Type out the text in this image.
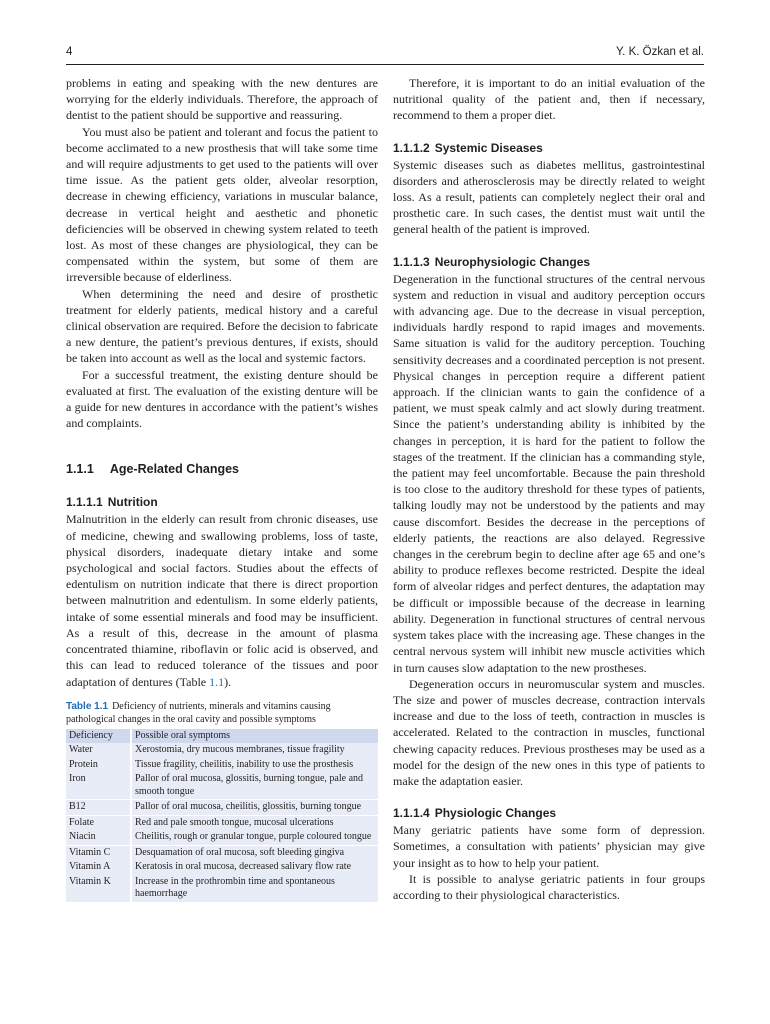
4	Y. K. Özkan et al.

problems in eating and speaking with the new dentures are worrying for the elderly individuals. Therefore, the approach of dentist to the patient should be supportive and reassuring.

You must also be patient and tolerant and focus the patient to become acclimated to a new prosthesis that will take some time and will require adjustments to get used to the patients will over time issue. As the patient gets older, alveolar resorption, decrease in chewing efficiency, variations in muscular balance, decrease in vertical height and aesthetic and phonetic deficiencies will be observed in chewing system related to teeth lost. As most of these changes are physiological, they can be compensated within the system, but some of them are irreversible because of elderliness.

When determining the need and desire of prosthetic treatment for elderly patients, medical history and a careful clinical observation are required. Before the decision to fabricate a new denture, the patient’s previous dentures, if exists, should be taken into account as well as the local and systemic factors.

For a successful treatment, the existing denture should be evaluated at first. The evaluation of the existing denture will be a guide for new dentures in accordance with the patient’s wishes and complaints.

1.1.1 Age-Related Changes
1.1.1.1 Nutrition

Malnutrition in the elderly can result from chronic diseases, use of medicine, chewing and swallowing problems, loss of taste, physical disorders, inadequate dietary intake and some psychological and social factors. Studies about the effects of edentulism on nutrition indicate that there is direct proportion between malnutrition and edentulism. In some elderly patients, intake of some essential minerals and food may be insufficient. As a result of this, decrease in the amount of plasma concentrated thiamine, riboflavin or folic acid is observed, and this can lead to reduced tolerance of the tissues and poor adaptation of dentures (Table 1.1).

Table 1.1 Deficiency of nutrients, minerals and vitamins causing pathological changes in the oral cavity and possible symptoms
Deficiency	Possible oral symptoms
Water	Xerostomia, dry mucous membranes, tissue fragility
Protein	Tissue fragility, cheilitis, inability to use the prosthesis
Iron	Pallor of oral mucosa, glossitis, burning tongue, pale and smooth tongue
B12	Pallor of oral mucosa, cheilitis, glossitis, burning tongue
Folate	Red and pale smooth tongue, mucosal ulcerations
Niacin	Cheilitis, rough or granular tongue, purple coloured tongue
Vitamin C	Desquamation of oral mucosa, soft bleeding gingiva
Vitamin A	Keratosis in oral mucosa, decreased salivary flow rate
Vitamin K	Increase in the prothrombin time and spontaneous haemorrhage

Therefore, it is important to do an initial evaluation of the nutritional quality of the patient and, then if necessary, recommend to them a proper diet.

1.1.1.2 Systemic Diseases

Systemic diseases such as diabetes mellitus, gastrointestinal disorders and atherosclerosis may be directly related to weight loss. As a result, patients can completely neglect their oral and prosthetic care. In such cases, the dentist must wait until the general health of the patient is improved.

1.1.1.3 Neurophysiologic Changes

Degeneration in the functional structures of the central nervous system and reduction in visual and auditory perception occurs with advancing age. Due to the decrease in visual perception, individuals hardly respond to rapid images and movements. Same situation is valid for the auditory perception. Touching sensitivity decreases and a coordinated perception is not present. Physical changes in perception require a different patient approach. If the clinician wants to gain the confidence of a patient, we must speak calmly and act slowly during treatment. Since the patient’s understanding ability is inhibited by the changes in perception, it is hard for the patient to follow the stages of the treatment. If the clinician has a commanding style, the patient may feel uncomfortable. Because the pain threshold is too close to the auditory threshold for these types of patients, talking loudly may not be understood by the patients and may cause discomfort. Besides the decrease in the perceptions of elderly patients, the reactions are also delayed. Regressive changes in the cerebrum begin to decline after age 65 and one’s ability to produce reflexes become restricted. Despite the ideal form of alveolar ridges and perfect dentures, the adaptation may be difficult or impossible because of the decrease in learning ability. Degeneration in functional structures of central nervous system takes place with the increasing age. These changes in the central nervous system will inhibit new muscle activities which in turn causes slow adaptation to the new prostheses.

Degeneration occurs in neuromuscular system and muscles. The size and power of muscles decrease, contraction intervals increase and due to the loss of teeth, contraction in muscles is accelerated. Related to the contraction in muscles, functional chewing capacity reduces. Previous prostheses may be used as a model for the design of the new ones in this type of patients to make the adaptation easier.

1.1.1.4 Physiologic Changes

Many geriatric patients have some form of depression. Sometimes, a consultation with patients’ physician may give your insight as to how to help your patient.

It is possible to analyse geriatric patients in four groups according to their physiological characteristics.
